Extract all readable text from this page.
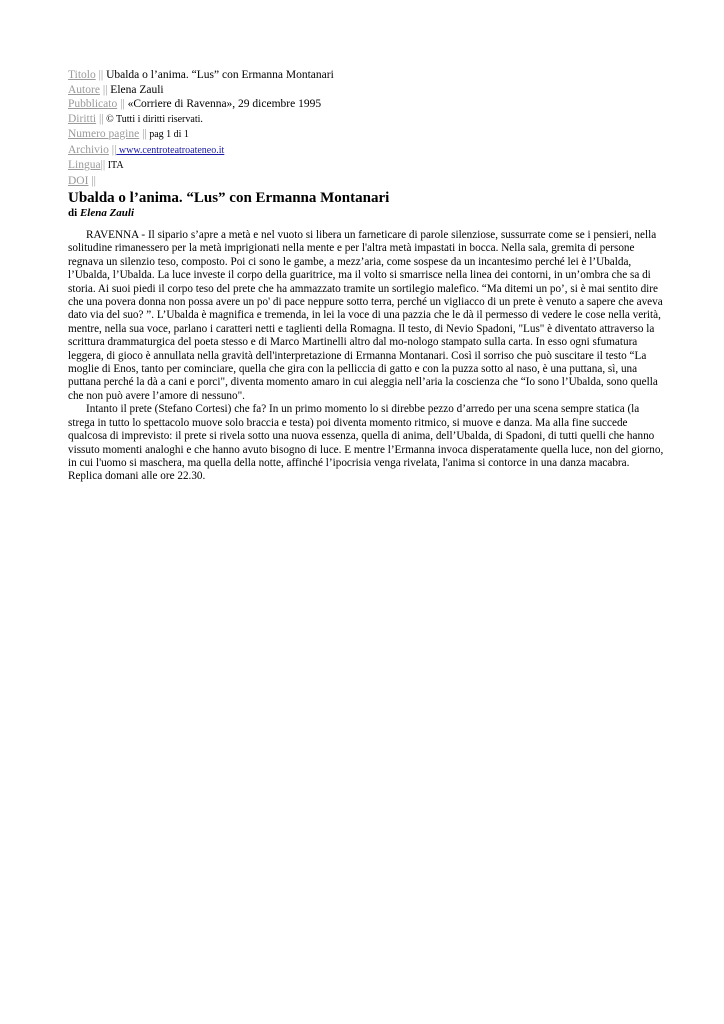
Titolo || Ubalda o l’anima. “Lus” con Ermanna Montanari
Autore || Elena Zauli
Pubblicato || «Corriere di Ravenna», 29 dicembre 1995
Diritti || © Tutti i diritti riservati.
Numero pagine || pag 1 di 1
Archivio || www.centroteatroateneo.it
Lingua|| ITA
DOI ||
Ubalda o l’anima. “Lus” con Ermanna Montanari
di Elena Zauli

RAVENNA - Il sipario s’apre a metà e nel vuoto si libera un farneticare di parole silenziose, sussurrate come se i pensieri, nella solitudine rimanessero per la metà imprigionati nella mente e per l'altra metà impastati in bocca. Nella sala, gremita di persone regnava un silenzio teso, composto. Poi ci sono le gambe, a mezz’aria, come sospese da un incantesimo perché lei è l’Ubalda, l’Ubalda, l’Ubalda. La luce investe il corpo della guaritrice, ma il volto si smarrisce nella linea dei contorni, in un’ombra che sa di storia. Ai suoi piedi il corpo teso del prete che ha ammazzato tramite un sortilegio malefico. “Ma ditemi un po’, si è mai sentito dire che una povera donna non possa avere un po' di pace neppure sotto terra, perché un vigliacco di un prete è venuto a sapere che aveva dato via del suo? ”. L’Ubalda è magnifica e tremenda, in lei la voce di una pazzia che le dà il permesso di vedere le cose nella verità, mentre, nella sua voce, parlano i caratteri netti e taglienti della Romagna. Il testo, di Nevio Spadoni, "Lus" è diventato attraverso la scrittura drammaturgica del poeta stesso e di Marco Martinelli altro dal mo-nologo stampato sulla carta. In esso ogni sfumatura leggera, di gioco è annullata nella gravità dell'interpretazione di Ermanna Montanari. Così il sorriso che può suscitare il testo “La moglie di Enos, tanto per cominciare, quella che gira con la pelliccia di gatto e con la puzza sotto al naso, è una puttana, sì, una puttana perché la dà a cani e porci", diventa momento amaro in cui aleggia nell’aria la coscienza che “Io sono l’Ubalda, sono quella che non può avere l’amore di nessuno".

Intanto il prete (Stefano Cortesi) che fa? In un primo momento lo si direbbe pezzo d’arredo per una scena sempre statica (la strega in tutto lo spettacolo muove solo braccia e testa) poi diventa momento ritmico, si muove e danza. Ma alla fine succede qualcosa di imprevisto: il prete si rivela sotto una nuova essenza, quella di anima, dell’Ubalda, di Spadoni, di tutti quelli che hanno vissuto momenti analoghi e che hanno avuto bisogno di luce. E mentre l’Ermanna invoca disperatamente quella luce, non del giorno, in cui l'uomo si maschera, ma quella della notte, affinché l’ipocrisia venga rivelata, l'anima si contorce in una danza macabra. Replica domani alle ore 22.30.
